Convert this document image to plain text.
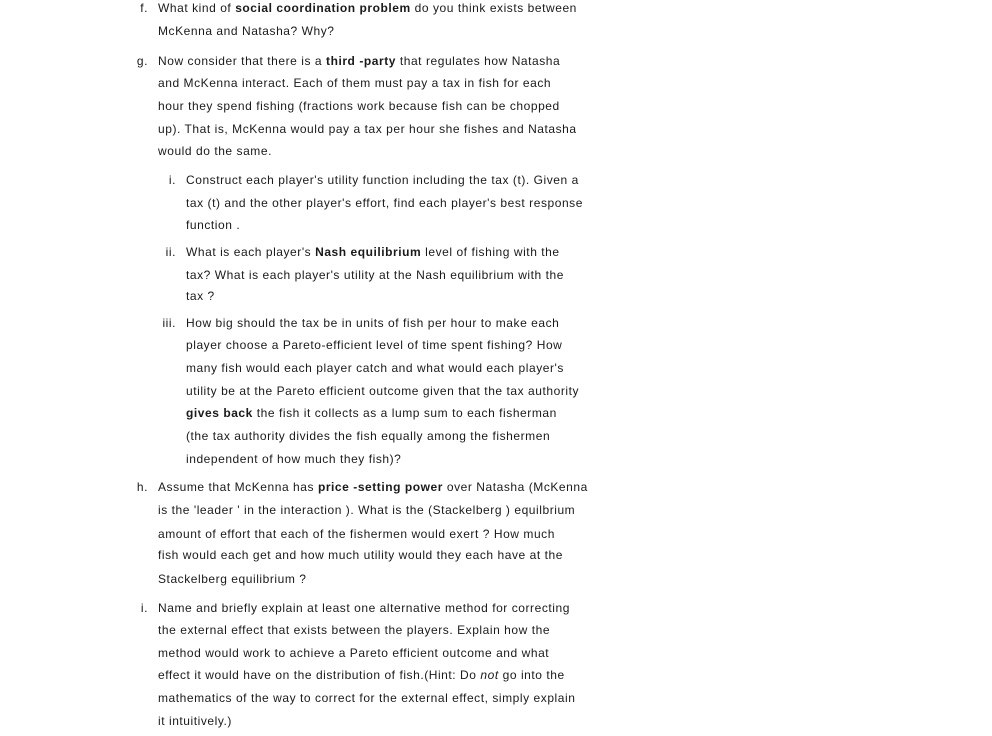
f. What kind of social coordination problem do you think exists between
McKenna and Natasha? Why?
g. Now consider that there is a third -party that regulates how Natasha
and McKenna interact. Each of them must pay a tax in fish for each
hour they spend fishing (fractions work because fish can be chopped
up). That is, McKenna would pay a tax per hour she fishes and Natasha
would do the same.
i. Construct each player's utility function including the tax (t). Given a
tax (t) and the other player's effort, find each player's best response
function .
ii. What is each player's Nash equilibrium level of fishing with the
tax? What is each player's utility at the Nash equilibrium with the
tax ?
iii. How big should the tax be in units of fish per hour to make each
player choose a Pareto-efficient level of time spent fishing? How
many fish would each player catch and what would each player's
utility be at the Pareto efficient outcome given that the tax authority
gives back the fish it collects as a lump sum to each fisherman
(the tax authority divides the fish equally among the fishermen
independent of how much they fish)?
h. Assume that McKenna has price -setting power over Natasha (McKenna
is the 'leader ' in the interaction ). What is the (Stackelberg ) equilbrium
amount of effort that each of the fishermen would exert ? How much
fish would each get and how much utility would they each have at the
Stackelberg equilibrium ?
i. Name and briefly explain at least one alternative method for correcting
the external effect that exists between the players. Explain how the
method would work to achieve a Pareto efficient outcome and what
effect it would have on the distribution of fish.(Hint: Do not go into the
mathematics of the way to correct for the external effect, simply explain
it intuitively.)
